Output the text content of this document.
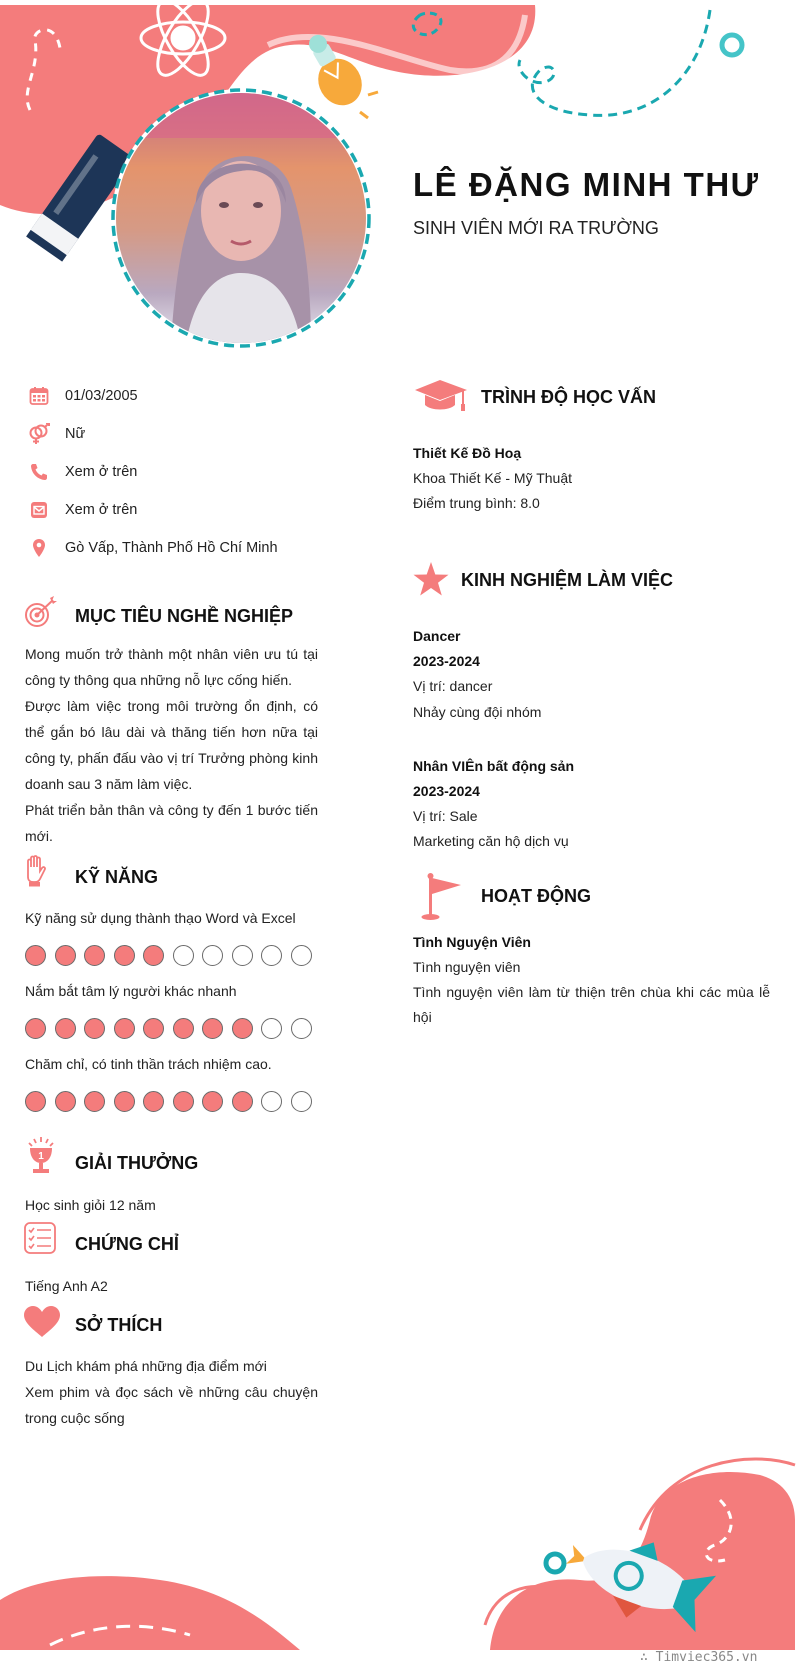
LÊ ĐẶNG MINH THƯ
SINH VIÊN MỚI RA TRƯỜNG
01/03/2005
Nữ
Xem ở trên
Xem ở trên
Gò Vấp, Thành Phố Hồ Chí Minh
MỤC TIÊU NGHỀ NGHIỆP

Mong muốn trở thành một nhân viên ưu tú tại công ty thông qua những nỗ lực cống hiến.

Được làm việc trong môi trường ổn định, có thể gắn bó lâu dài và thăng tiến hơn nữa tại công ty, phấn đấu vào vị trí Trưởng phòng kinh doanh sau 3 năm làm việc.

Phát triển bản thân và công ty đến 1 bước tiến mới.

KỸ NĂNG
Kỹ năng sử dụng thành thạo Word và Excel
Nắm bắt tâm lý người khác nhanh
Chăm chỉ, có tinh thần trách nhiệm cao.
1 GIẢI THƯỞNG
Học sinh giỏi 12 năm
CHỨNG CHỈ
Tiếng Anh A2
SỞ THÍCH

Du Lịch khám phá những địa điểm mới

Xem phim và đọc sách về những câu chuyện trong cuộc sống

TRÌNH ĐỘ HỌC VẤN
Thiết Kế Đồ Hoạ
Khoa Thiết Kế - Mỹ Thuật
Điểm trung bình: 8.0
KINH NGHIỆM LÀM VIỆC
Dancer
2023-2024
Vị trí: dancer
Nhảy cùng đội nhóm
Nhân VIÊn bất động sản
2023-2024
Vị trí: Sale
Marketing căn hộ dịch vụ
HOẠT ĐỘNG
Tình Nguyện Viên
Tình nguyện viên
Tình nguyện viên làm từ thiện trên chùa khi các mùa lễ hội
∴ Timviec365.vn
